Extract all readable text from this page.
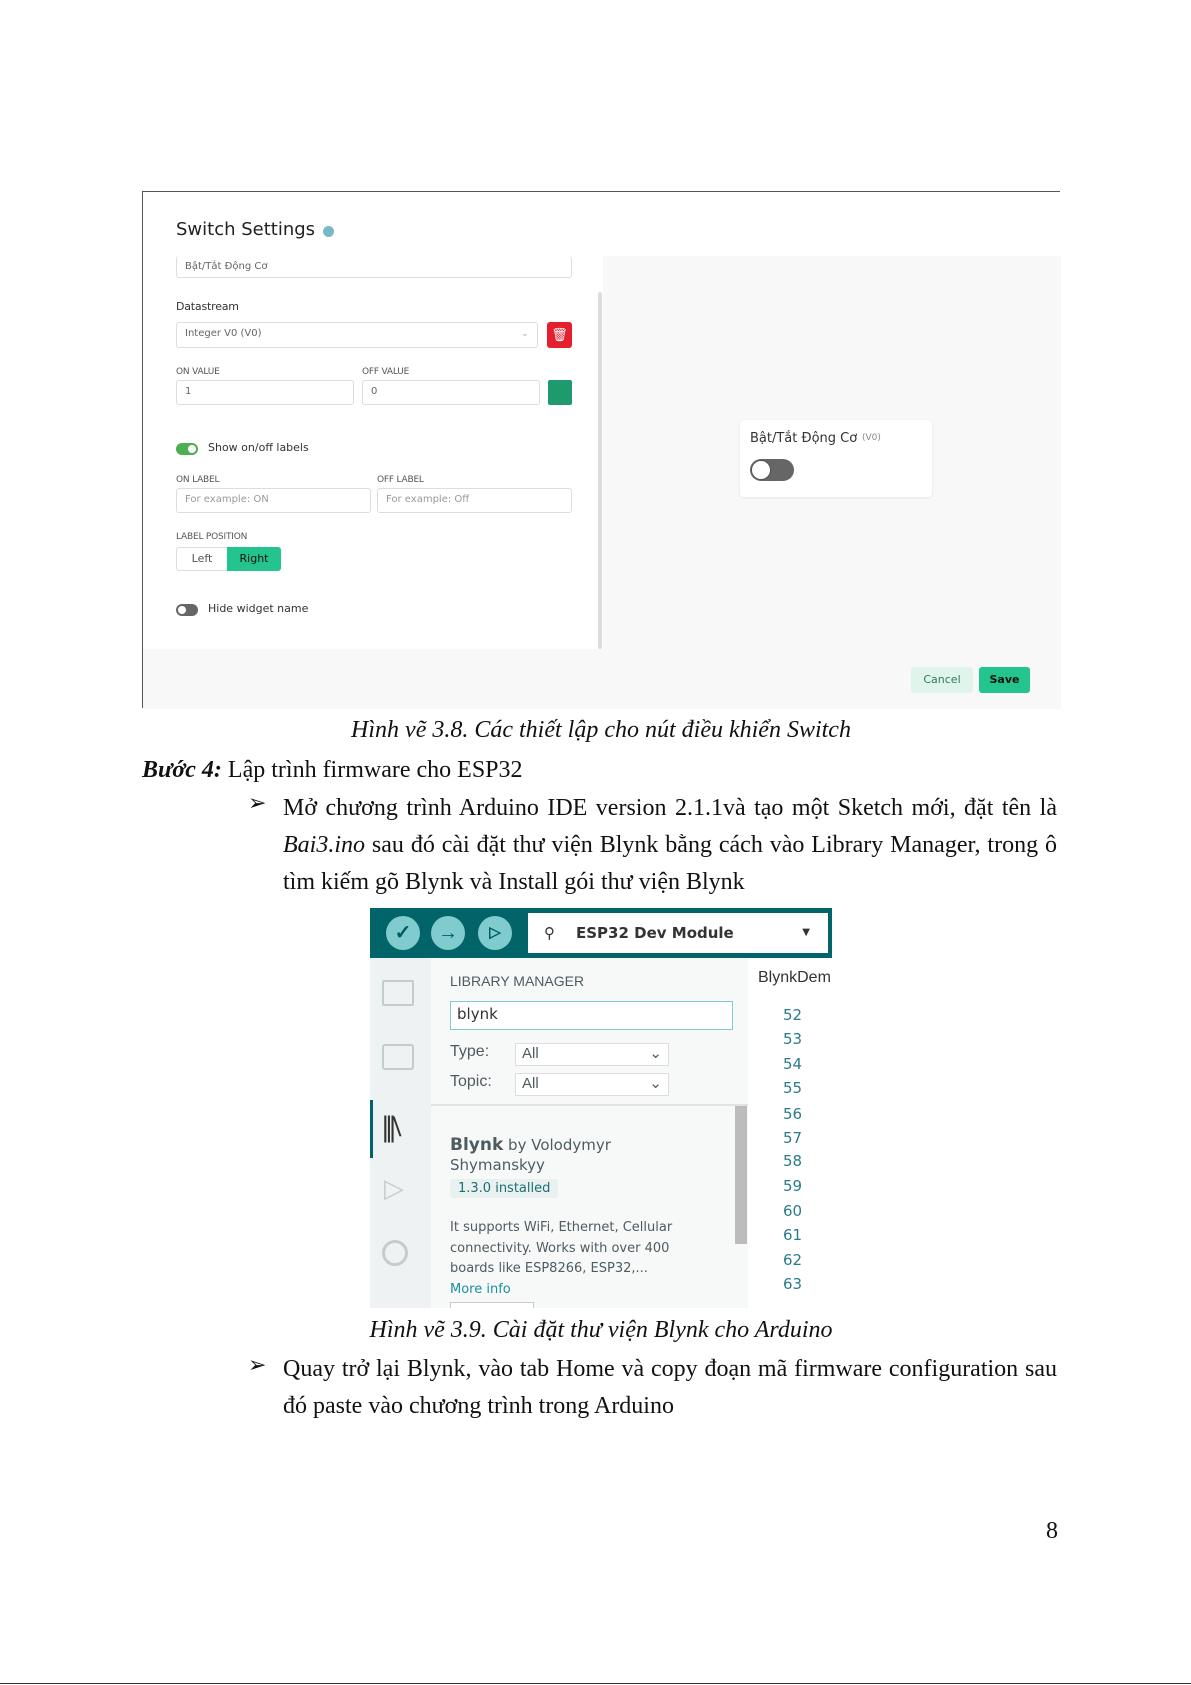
Switch Settings
Bật/Tắt Động Cơ
Datastream
Integer V0 (V0)	⌄	🗑
ON VALUE	OFF VALUE
1	0
Show on/off labels
ON LABEL	OFF LABEL
For example: ON	For example: Off
LABEL POSITION
Left	Right
Hide widget name
Bật/Tắt Động Cơ (V0)
Cancel	Save
Hình vẽ 3.8. Các thiết lập cho nút điều khiển Switch
Bước 4: Lập trình firmware cho ESP32
➢ Mở chương trình Arduino IDE version 2.1.1và tạo một Sketch mới, đặt tên là Bai3.ino sau đó cài đặt thư viện Blynk bằng cách vào Library Manager, trong ô tìm kiếm gõ Blynk và Install gói thư viện Blynk
✓	→	▷	⚲ ESP32 Dev Module	▼
|||\
▷
LIBRARY MANAGER
blynk
Type:	All	⌄
Topic:	All	⌄
Blynk by Volodymyr
Shymanskyy
1.3.0 installed
It supports WiFi, Ethernet, Cellular
connectivity. Works with over 400
boards like ESP8266, ESP32,...
More info
BlynkDem
52
53
54
55
56
57
58
59
60
61
62
63
Hình vẽ 3.9. Cài đặt thư viện Blynk cho Arduino
➢ Quay trở lại Blynk, vào tab Home và copy đoạn mã firmware configuration sau đó paste vào chương trình trong Arduino
8
